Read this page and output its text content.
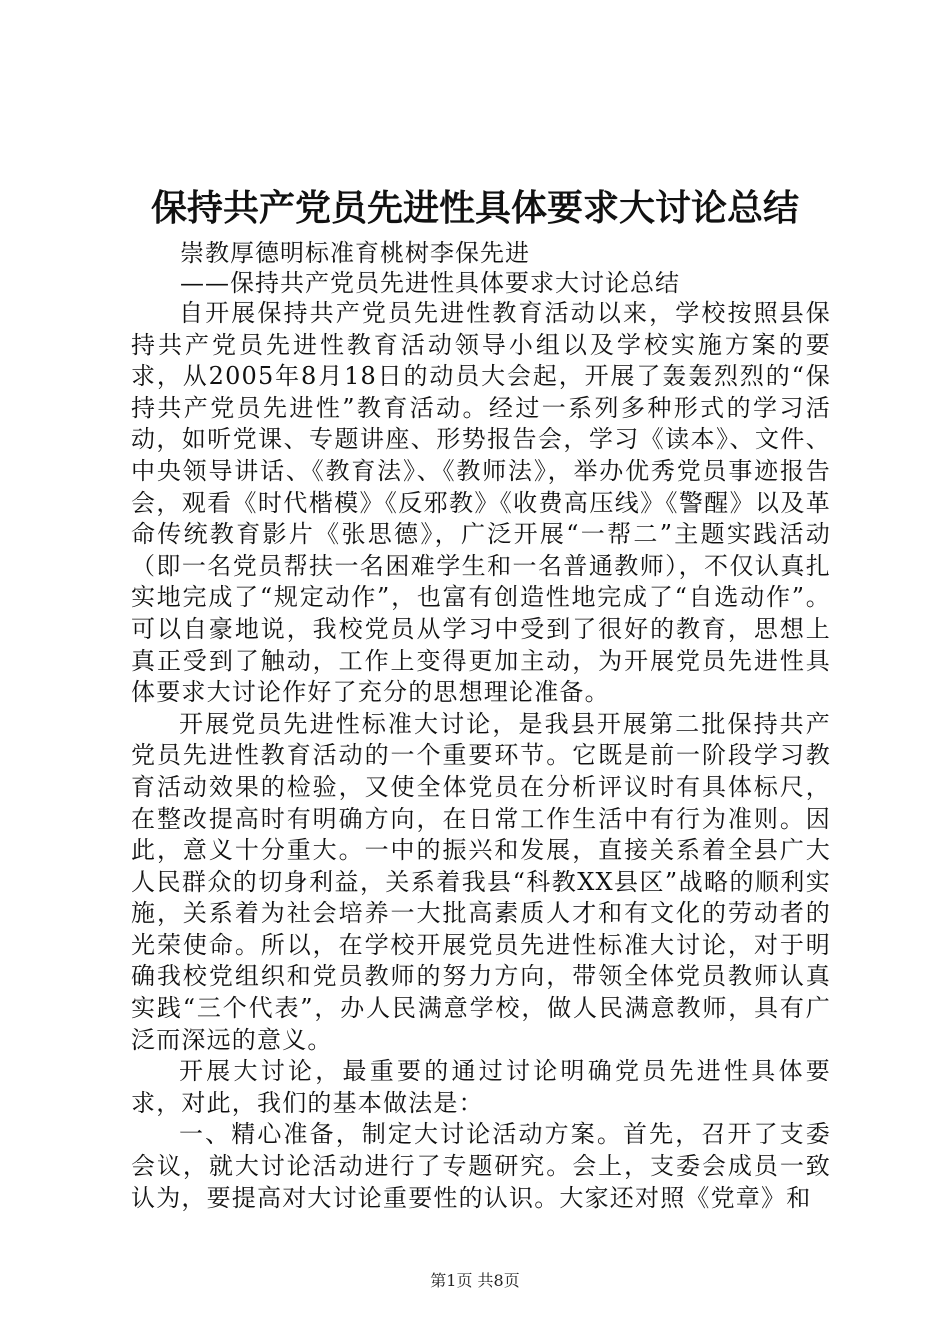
保持共产党员先进性具体要求大讨论总结
崇教厚德明标准育桃树李保先进
——保持共产党员先进性具体要求大讨论总结

自开展保持共产党员先进性教育活动以来，学校按照县保持共产党员先进性教育活动领导小组以及学校实施方案的要求，从2005年8月18日的动员大会起，开展了轰轰烈烈的“保持共产党员先进性”教育活动。经过一系列多种形式的学习活动，如听党课、专题讲座、形势报告会，学习《读本》、文件、中央领导讲话、《教育法》、《教师法》，举办优秀党员事迹报告会，观看《时代楷模》《反邪教》《收费高压线》《警醒》以及革命传统教育影片《张思德》，广泛开展“一帮二”主题实践活动（即一名党员帮扶一名困难学生和一名普通教师），不仅认真扎实地完成了“规定动作”，也富有创造性地完成了“自选动作”。可以自豪地说，我校党员从学习中受到了很好的教育，思想上真正受到了触动，工作上变得更加主动，为开展党员先进性具体要求大讨论作好了充分的思想理论准备。

开展党员先进性标准大讨论，是我县开展第二批保持共产党员先进性教育活动的一个重要环节。它既是前一阶段学习教育活动效果的检验，又使全体党员在分析评议时有具体标尺，在整改提高时有明确方向，在日常工作生活中有行为准则。因此，意义十分重大。一中的振兴和发展，直接关系着全县广大人民群众的切身利益，关系着我县“科教XX县区”战略的顺利实施，关系着为社会培养一大批高素质人才和有文化的劳动者的光荣使命。所以，在学校开展党员先进性标准大讨论，对于明确我校党组织和党员教师的努力方向，带领全体党员教师认真实践“三个代表”，办人民满意学校，做人民满意教师，具有广泛而深远的意义。

开展大讨论，最重要的通过讨论明确党员先进性具体要求，对此，我们的基本做法是：

一、精心准备，制定大讨论活动方案。首先，召开了支委会议，就大讨论活动进行了专题研究。会上，支委会成员一致认为，要提高对大讨论重要性的认识。大家还对照《党章》和

第1页 共8页
